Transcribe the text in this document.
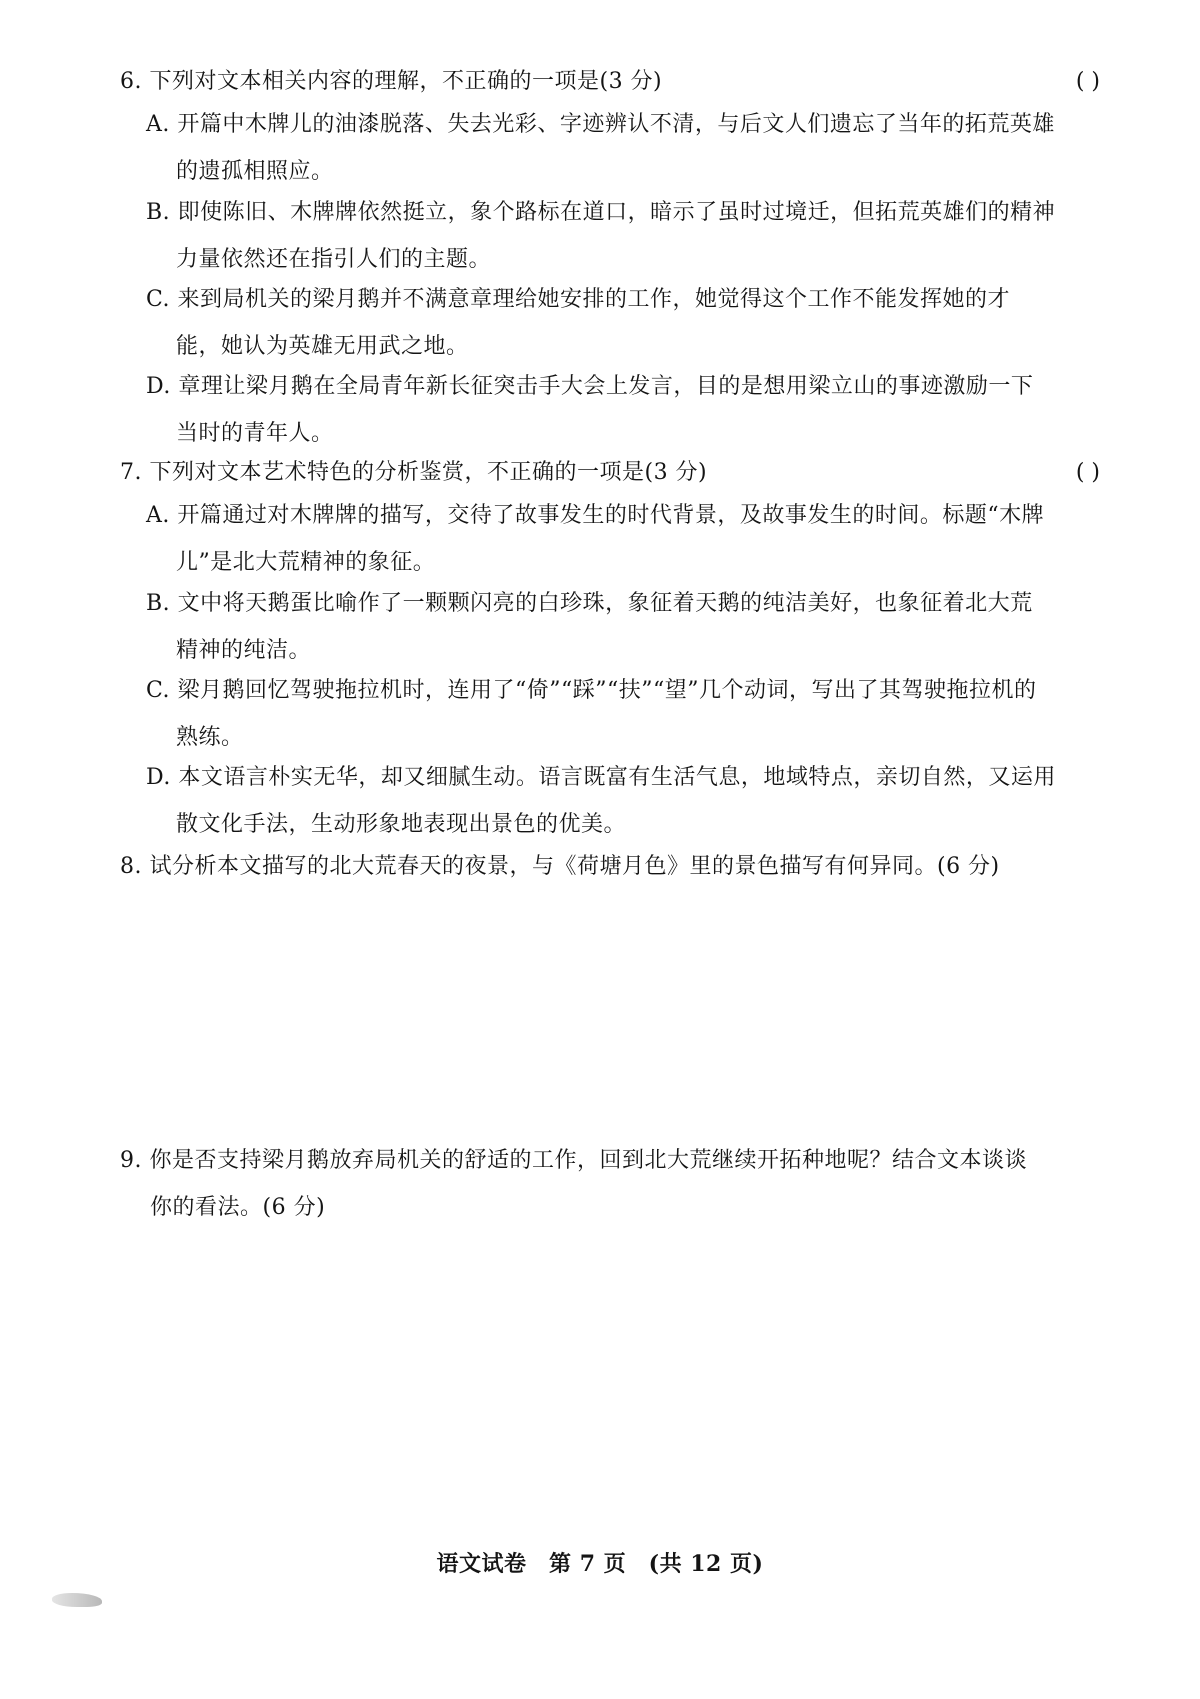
6. 下列对文本相关内容的理解，不正确的一项是(3 分)	( )
A. 开篇中木牌儿的油漆脱落、失去光彩、字迹辨认不清，与后文人们遗忘了当年的拓荒英雄
的遗孤相照应。
B. 即使陈旧、木牌牌依然挺立，象个路标在道口，暗示了虽时过境迁，但拓荒英雄们的精神
力量依然还在指引人们的主题。
C. 来到局机关的梁月鹅并不满意章理给她安排的工作，她觉得这个工作不能发挥她的才
能，她认为英雄无用武之地。
D. 章理让梁月鹅在全局青年新长征突击手大会上发言，目的是想用梁立山的事迹激励一下
当时的青年人。
7. 下列对文本艺术特色的分析鉴赏，不正确的一项是(3 分)	( )
A. 开篇通过对木牌牌的描写，交待了故事发生的时代背景，及故事发生的时间。标题“木牌
儿”是北大荒精神的象征。
B. 文中将天鹅蛋比喻作了一颗颗闪亮的白珍珠，象征着天鹅的纯洁美好，也象征着北大荒
精神的纯洁。
C. 梁月鹅回忆驾驶拖拉机时，连用了“倚”“踩”“扶”“望”几个动词，写出了其驾驶拖拉机的
熟练。
D. 本文语言朴实无华，却又细腻生动。语言既富有生活气息，地域特点，亲切自然，又运用
散文化手法，生动形象地表现出景色的优美。
8. 试分析本文描写的北大荒春天的夜景，与《荷塘月色》里的景色描写有何异同。(6 分)
9. 你是否支持梁月鹅放弃局机关的舒适的工作，回到北大荒继续开拓种地呢？结合文本谈谈
你的看法。(6 分)
语文试卷　第 7 页　(共 12 页)
